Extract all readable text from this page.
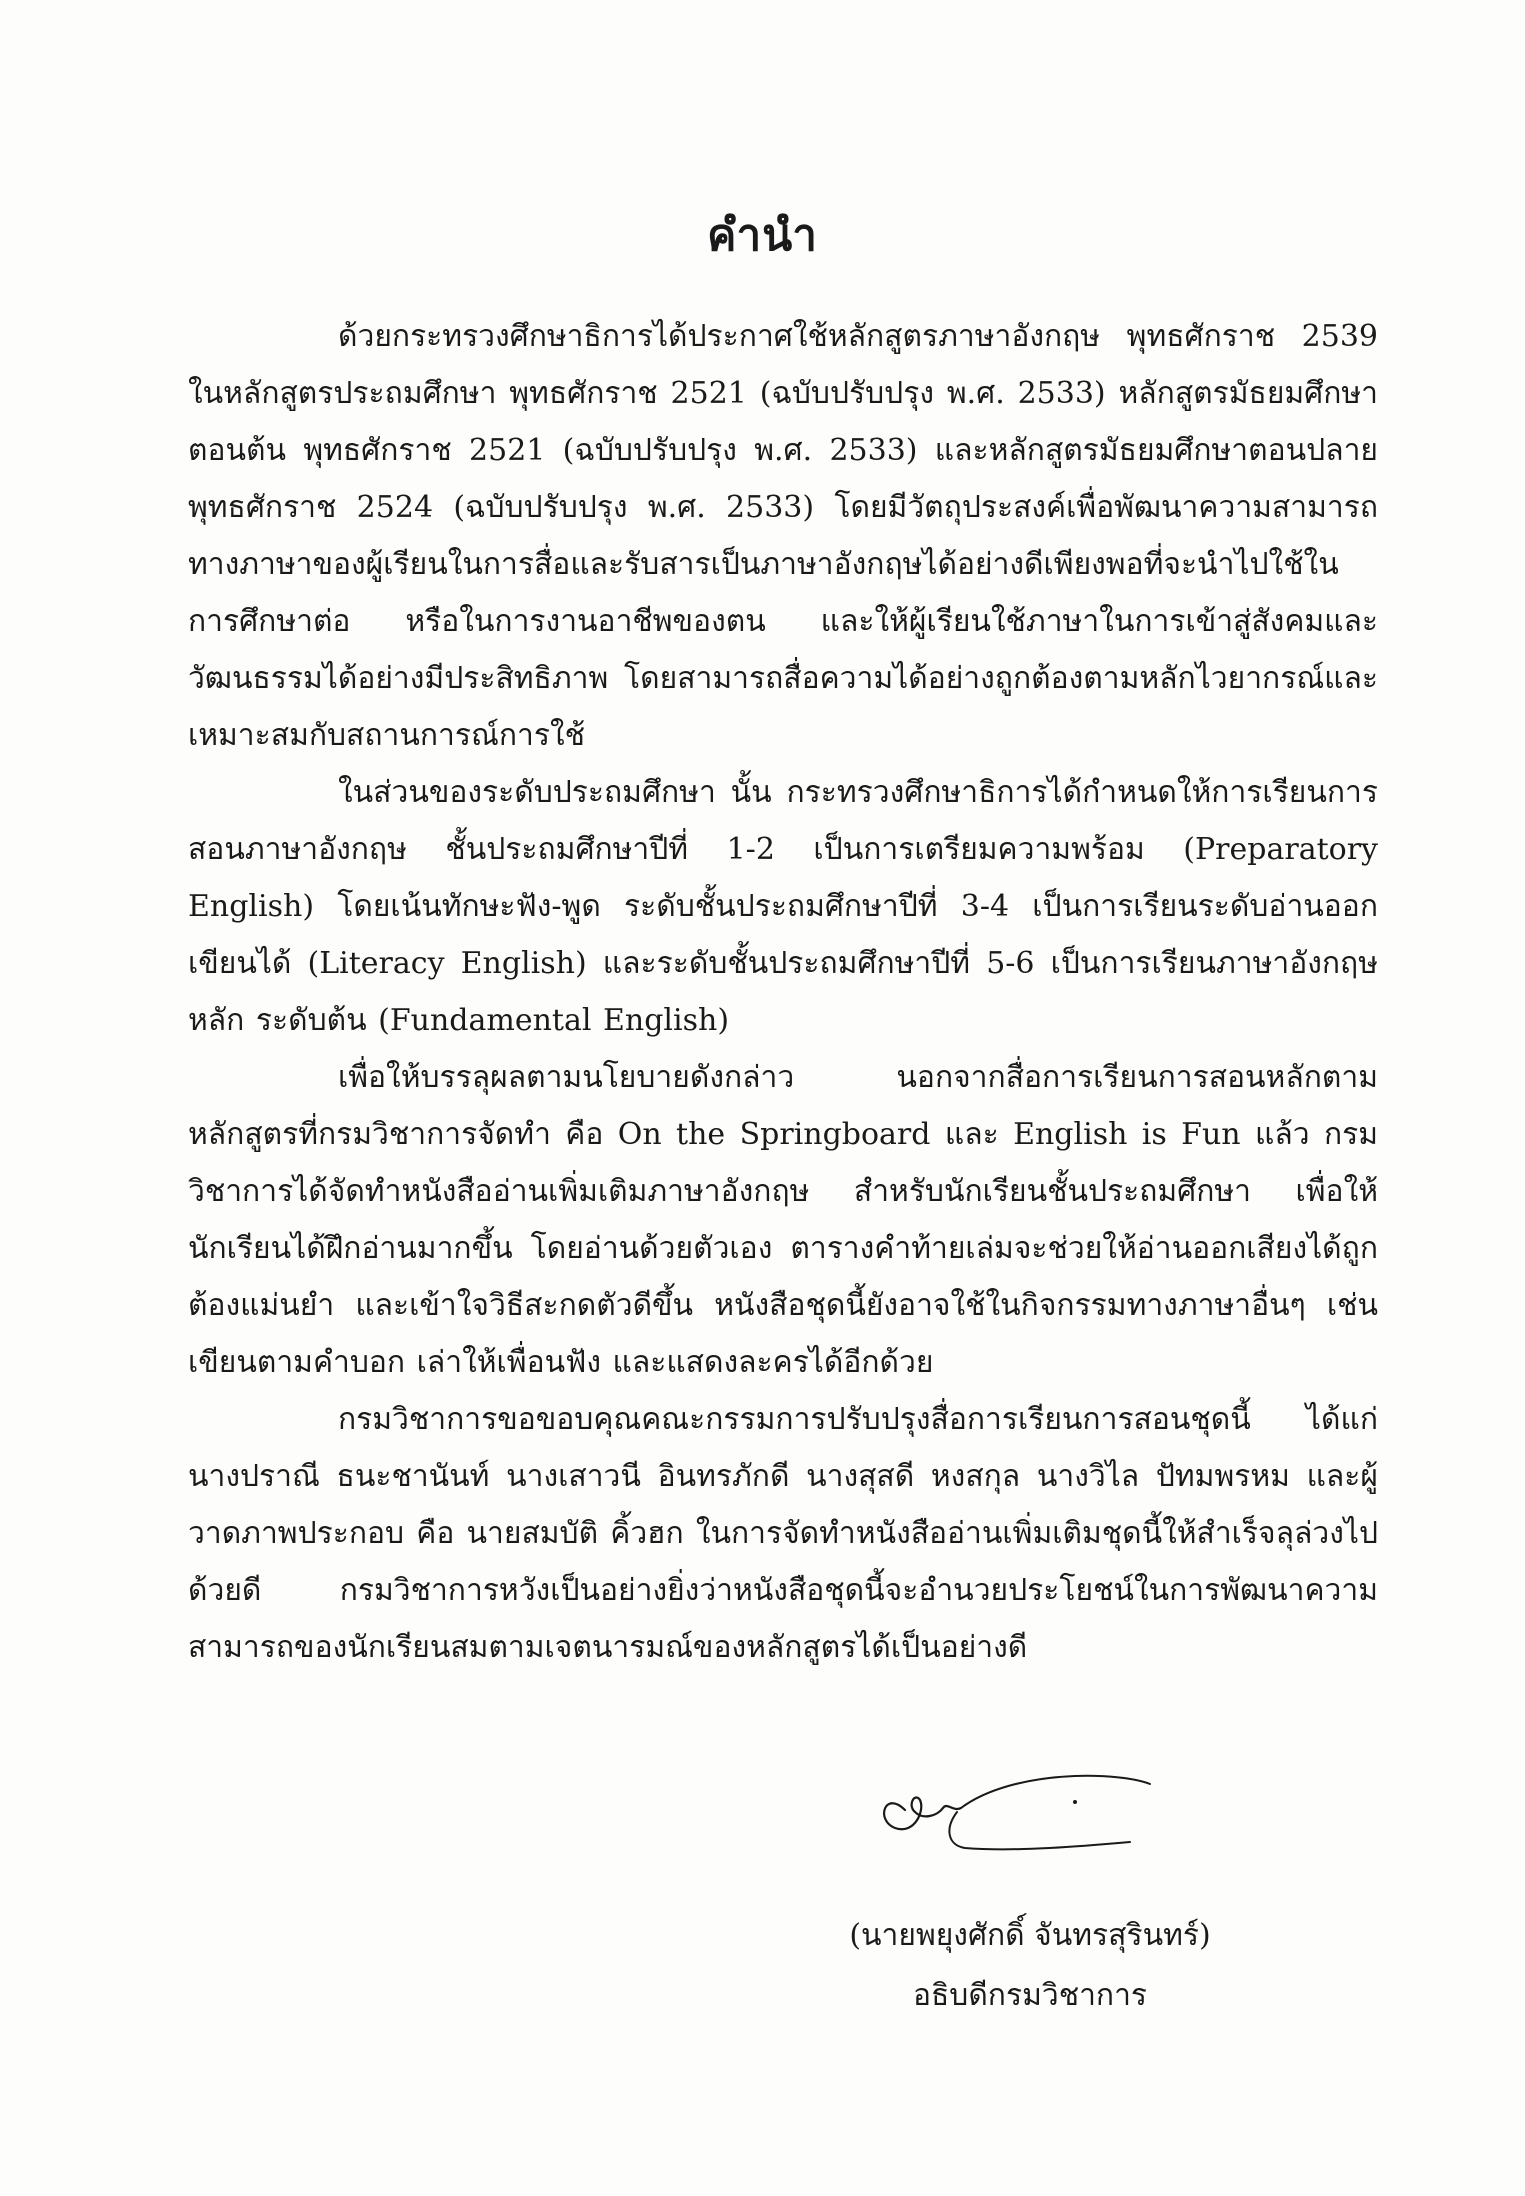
คำนำ

ด้วยกระทรวงศึกษาธิการได้ประกาศใช้หลักสูตรภาษาอังกฤษ พุทธศักราช 2539 ในหลักสูตรประถมศึกษา พุทธศักราช 2521 (ฉบับปรับปรุง พ.ศ. 2533) หลักสูตรมัธยมศึกษาตอนต้น พุทธศักราช 2521 (ฉบับปรับปรุง พ.ศ. 2533) และหลักสูตรมัธยมศึกษาตอนปลาย พุทธศักราช 2524 (ฉบับปรับปรุง พ.ศ. 2533) โดยมีวัตถุประสงค์เพื่อพัฒนาความสามารถทางภาษาของผู้เรียนในการสื่อและรับสารเป็นภาษาอังกฤษได้อย่างดีเพียงพอที่จะนำไปใช้ในการศึกษาต่อ หรือในการงานอาชีพของตน และให้ผู้เรียนใช้ภาษาในการเข้าสู่สังคมและวัฒนธรรมได้อย่างมีประสิทธิภาพ โดยสามารถสื่อความได้อย่างถูกต้องตามหลักไวยากรณ์และเหมาะสมกับสถานการณ์การใช้

ในส่วนของระดับประถมศึกษา นั้น กระทรวงศึกษาธิการได้กำหนดให้การเรียนการสอนภาษาอังกฤษ ชั้นประถมศึกษาปีที่ 1-2 เป็นการเตรียมความพร้อม (Preparatory English) โดยเน้นทักษะฟัง-พูด ระดับชั้นประถมศึกษาปีที่ 3-4 เป็นการเรียนระดับอ่านออกเขียนได้ (Literacy English) และระดับชั้นประถมศึกษาปีที่ 5-6 เป็นการเรียนภาษาอังกฤษหลัก ระดับต้น (Fundamental English)

เพื่อให้บรรลุผลตามนโยบายดังกล่าว นอกจากสื่อการเรียนการสอนหลักตามหลักสูตรที่กรมวิชาการจัดทำ คือ On the Springboard และ English is Fun แล้ว กรมวิชาการได้จัดทำหนังสืออ่านเพิ่มเติมภาษาอังกฤษ สำหรับนักเรียนชั้นประถมศึกษา เพื่อให้นักเรียนได้ฝึกอ่านมากขึ้น โดยอ่านด้วยตัวเอง ตารางคำท้ายเล่มจะช่วยให้อ่านออกเสียงได้ถูกต้องแม่นยำ และเข้าใจวิธีสะกดตัวดีขึ้น หนังสือชุดนี้ยังอาจใช้ในกิจกรรมทางภาษาอื่นๆ เช่น เขียนตามคำบอก เล่าให้เพื่อนฟัง และแสดงละครได้อีกด้วย

กรมวิชาการขอขอบคุณคณะกรรมการปรับปรุงสื่อการเรียนการสอนชุดนี้ ได้แก่นางปราณี ธนะชานันท์ นางเสาวนี อินทรภักดี นางสุสดี หงสกุล นางวิไล ปัทมพรหม และผู้วาดภาพประกอบ คือ นายสมบัติ คิ้วฮก ในการจัดทำหนังสืออ่านเพิ่มเติมชุดนี้ให้สำเร็จลุล่วงไปด้วยดี กรมวิชาการหวังเป็นอย่างยิ่งว่าหนังสือชุดนี้จะอำนวยประโยชน์ในการพัฒนาความสามารถของนักเรียนสมตามเจตนารมณ์ของหลักสูตรได้เป็นอย่างดี

(นายพยุงศักดิ์ จันทรสุรินทร์)
อธิบดีกรมวิชาการ
